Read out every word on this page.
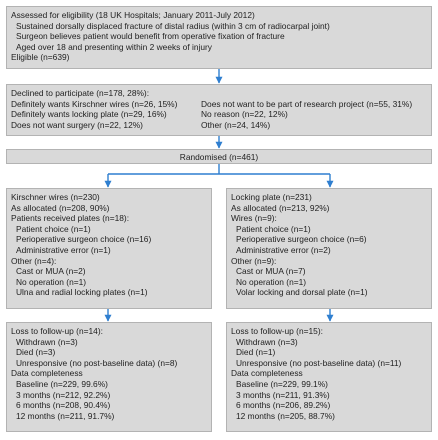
Assessed for eligibility (18 UK Hospitals; January 2011-July 2012)
Sustained dorsally displaced fracture of distal radius (within 3 cm of radiocarpal joint)
Surgeon believes patient would benefit from operative fixation of fracture
Aged over 18 and presenting within 2 weeks of injury
Eligible (n=639)
Declined to participate (n=178, 28%):
Definitely wants Kirschner wires (n=26, 15%)
Definitely wants locking plate (n=29, 16%)
Does not want surgery (n=22, 12%)
Does not want to be part of research project (n=55, 31%)
No reason (n=22, 12%)
Other (n=24, 14%)
Randomised (n=461)
Kirschner wires (n=230)
As allocated (n=208, 90%)
Patients received plates (n=18):
Patient choice (n=1)
Perioperative surgeon choice (n=16)
Administrative error (n=1)
Other (n=4):
Cast or MUA (n=2)
No operation (n=1)
Ulna and radial locking plates (n=1)
Locking plate (n=231)
As allocated (n=213, 92%)
Wires (n=9):
Patient choice (n=1)
Perioperative surgeon choice (n=6)
Administrative error (n=2)
Other (n=9):
Cast or MUA (n=7)
No operation (n=1)
Volar locking and dorsal plate (n=1)
Loss to follow-up (n=14):
Withdrawn (n=3)
Died (n=3)
Unresponsive (no post-baseline data) (n=8)
Data completeness
Baseline (n=229, 99.6%)
3 months (n=212, 92.2%)
6 months (n=208, 90.4%)
12 months (n=211, 91.7%)
Loss to follow-up (n=15):
Withdrawn (n=3)
Died (n=1)
Unresponsive (no post-baseline data) (n=11)
Data completeness
Baseline (n=229, 99.1%)
3 months (n=211, 91.3%)
6 months (n=206, 89.2%)
12 months (n=205, 88.7%)
